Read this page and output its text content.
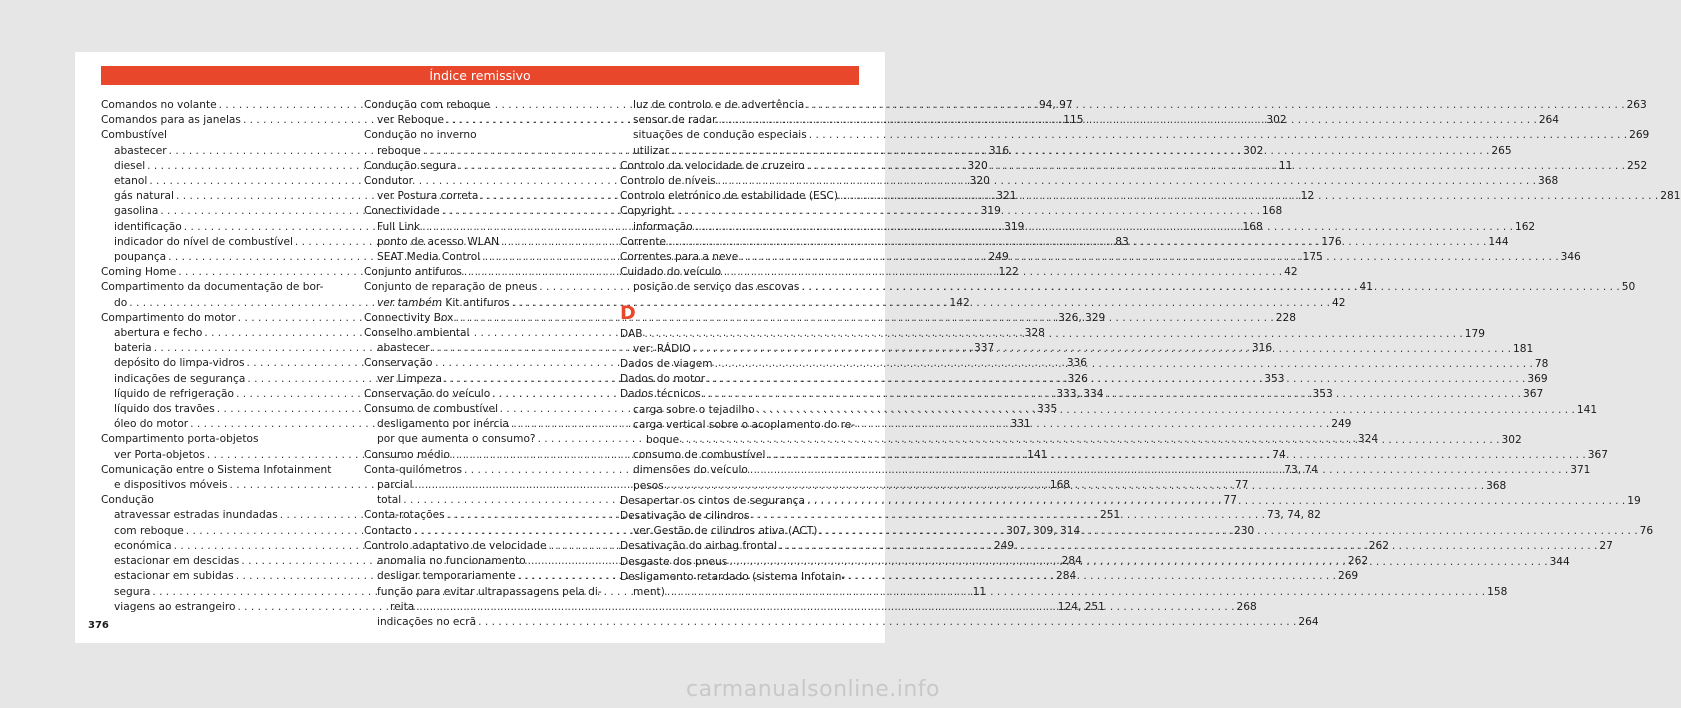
Índice remissivo
Comandos no volante . . .	94, 97
Comandos para as janelas . . .	115
Combustível
abastecer . . .	316
diesel . . .	320
etanol . . .	320
gás natural . . .	321
gasolina . . .	319
identificação . . .	319
indicador do nível de combustível . . .	83
poupança . . .	249
Coming Home . . .	122
Compartimento da documentação de bor-
do . . .	142
Compartimento do motor . . .	326, 329
abertura e fecho . . .	328
bateria . . .	337
depósito do limpa-vidros . . .	336
indicações de segurança . . .	326
líquido de refrigeração . . .	333, 334
líquido dos travões . . .	335
óleo do motor . . .	331
Compartimento porta-objetos
ver Porta-objetos . . .	141
Comunicação entre o Sistema Infotainment
e dispositivos móveis . . .	168
Condução
atravessar estradas inundadas . . .	251
com reboque . . .	307, 309, 314
económica . . .	249
estacionar em descidas . . .	284
estacionar em subidas . . .	284
segura . . .	11
viagens ao estrangeiro . . .	124, 251
Condução com reboque
ver Reboque . . .	302
Condução no inverno
reboque . . .	302
Condução segura . . .	11
Condutor
ver Postura correta . . .	12
Conectividade . . .	168
Full Link . . .	168
ponto de acesso WLAN . . .	176
SEAT Media Control . . .	175
Conjunto antifuros . . .	42
Conjunto de reparação de pneus . . .	41
ver também Kit antifuros . . .	42
Connectivity Box . . .	228
Conselho ambiental
abastecer . . .	316
Conservação
ver Limpeza . . .	353
Conservação do veículo . . .	353
Consumo de combustível
desligamento por inércia . . .	249
por que aumenta o consumo? . . .	324
Consumo médio . . .	74
Conta-quilómetros . . .	73, 74
parcial . . .	77
total . . .	77
Conta-rotações . . .	73, 74, 82
Contacto . . .	230
Controlo adaptativo de velocidade . . .	262
anomalia no funcionamento . . .	262
desligar temporariamente . . .	269
função para evitar ultrapassagens pela di-
reita . . .	268
indicações no ecrã . . .	264
luz de controlo e de advertência . . .	263
sensor de radar . . .	264
situações de condução especiais . . .	269
utilizar . . .	265
Controlo da velocidade de cruzeiro . . .	252
Controlo de níveis . . .	368
Controlo eletrónico de estabilidade (ESC) . . .	281
Copyright
informação . . .	162
Corrente . . .	144
Correntes para a neve . . .	346
Cuidado do veículo
posição de serviço das escovas . . .	50
D
DAB . . .	179
ver: RÁDIO . . .	181
Dados de viagem . . .	78
Dados do motor . . .	369
Dados técnicos . . .	367
carga sobre o tejadilho . . .	141
carga vertical sobre o acoplamento do re-
boque . . .	302
consumo de combustível . . .	367
dimensões do veículo . . .	371
pesos . . .	368
Desapertar os cintos de segurança . . .	19
Desativação de cilindros
ver Gestão de cilindros ativa (ACT) . . .	76
Desativação do airbag frontal . . .	27
Desgaste dos pneus . . .	344
Desligamento retardado (sistema Infotain-
ment) . . .	158
376
carmanualsonline.info
